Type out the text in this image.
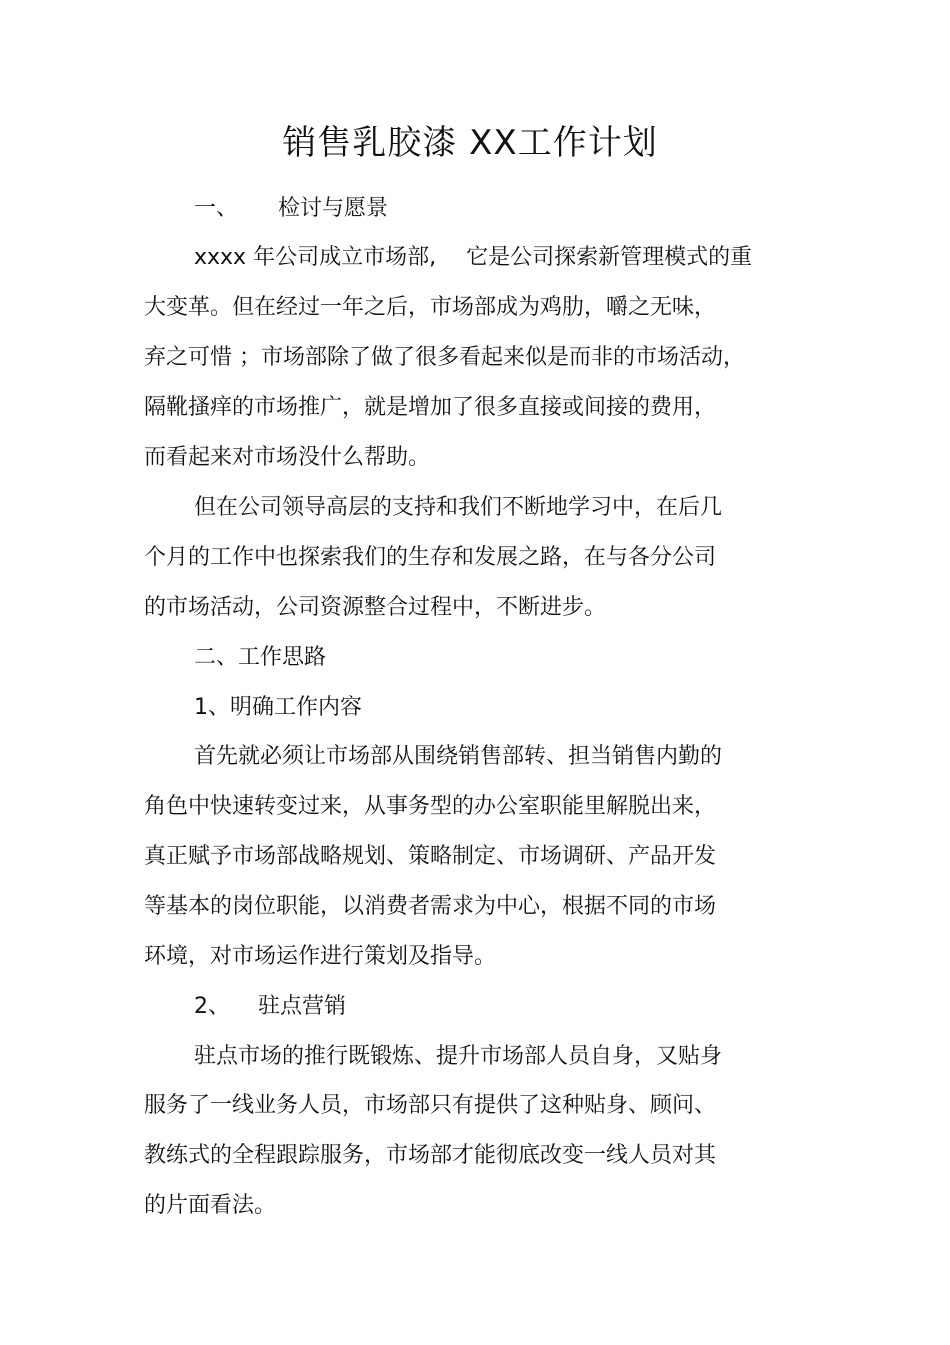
销售乳胶漆 XX工作计划
一、 检讨与愿景
xxxx 年公司成立市场部, 它是公司探索新管理模式的重
大变革。但在经过一年之后，市场部成为鸡肋，嚼之无味，
弃之可惜 ；市场部除了做了很多看起来似是而非的市场活动，
隔靴搔痒的市场推广，就是增加了很多直接或间接的费用，
而看起来对市场没什么帮助。
但在公司领导高层的支持和我们不断地学习中，在后几
个月的工作中也探索我们的生存和发展之路，在与各分公司
的市场活动，公司资源整合过程中，不断进步。
二、工作思路
1、明确工作内容
首先就必须让市场部从围绕销售部转、担当销售内勤的
角色中快速转变过来，从事务型的办公室职能里解脱出来，
真正赋予市场部战略规划、策略制定、市场调研、产品开发
等基本的岗位职能，以消费者需求为中心，根据不同的市场
环境，对市场运作进行策划及指导。
2、 驻点营销
驻点市场的推行既锻炼、提升市场部人员自身，又贴身
服务了一线业务人员，市场部只有提供了这种贴身、顾问、
教练式的全程跟踪服务，市场部才能彻底改变一线人员对其
的片面看法。
